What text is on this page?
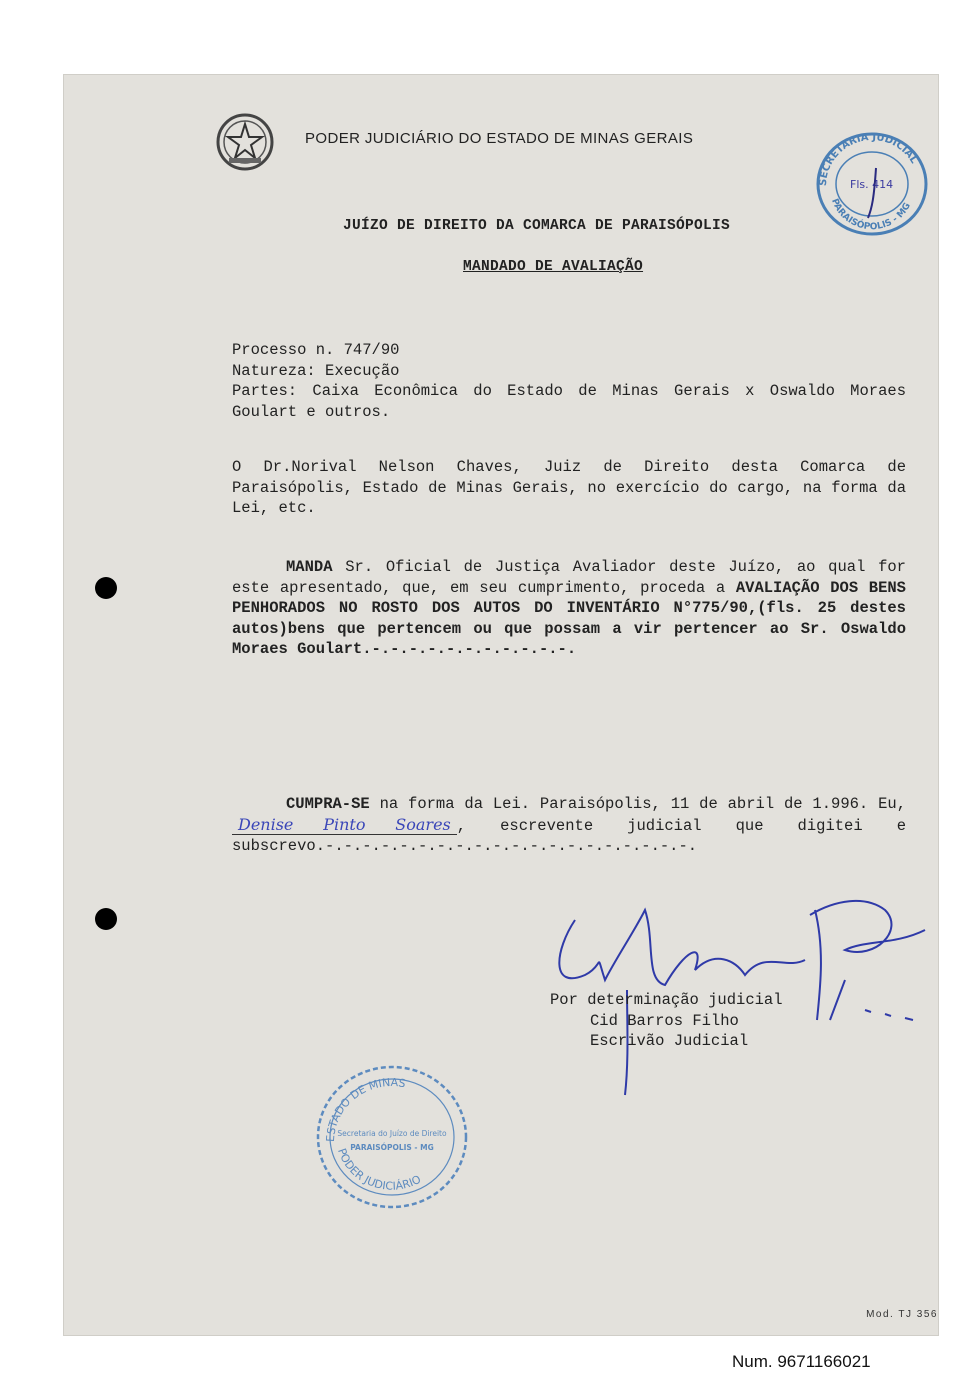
PODER JUDICIÁRIO DO ESTADO DE MINAS GERAIS
SECRETARIA JUDICIAL
PARAISÓPOLIS - MG
Fls. 414
JUÍZO DE DIREITO DA COMARCA DE PARAISÓPOLIS
MANDADO DE AVALIAÇÃO
Processo n. 747/90
Natureza: Execução
Partes: Caixa Econômica do Estado de Minas Gerais x Oswaldo Moraes Goulart e outros.
O Dr.Norival Nelson Chaves, Juiz de Direito desta Comarca de Paraisópolis, Estado de Minas Gerais, no exercício do cargo, na forma da Lei, etc.
MANDA Sr. Oficial de Justiça Avaliador deste Juízo, ao qual for este apresentado, que, em seu cumprimento, proceda a AVALIAÇÃO DOS BENS PENHORADOS NO ROSTO DOS AUTOS DO INVENTÁRIO N°775/90,(fls. 25 destes autos)bens que pertencem ou que possam a vir pertencer ao Sr. Oswaldo Moraes Goulart.-.-.-.-.-.-.-.-.-.-.-.
CUMPRA-SE na forma da Lei. Paraisópolis, 11 de abril de 1.996. Eu, Denise Pinto Soares , escrevente judicial que digitei e subscrevo.-.-.-.-.-.-.-.-.-.-.-.-.-.-.-.-.-.-.-.-.
Por determinação judicial
Cid Barros Filho
Escrivão Judicial
ESTADO DE MINAS
PODER JUDICIÁRIO
Secretaria do Juízo de Direito
PARAISÓPOLIS - MG
Mod. TJ 356
Num. 9671166021
